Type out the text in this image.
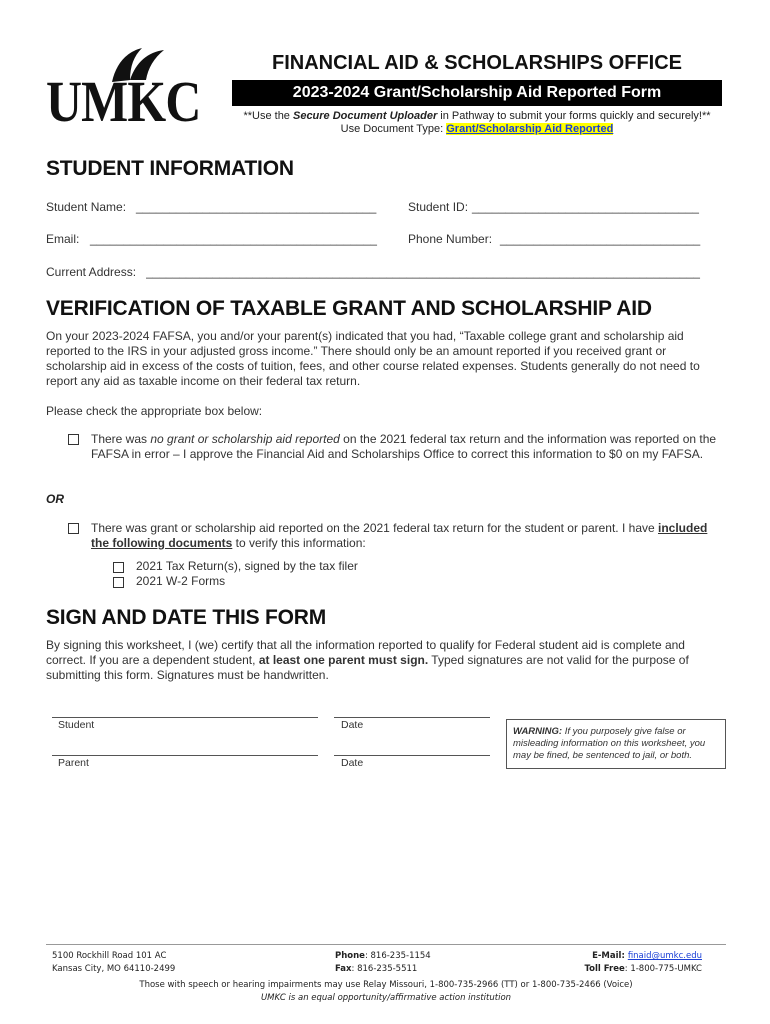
UMKC
FINANCIAL AID & SCHOLARSHIPS OFFICE
2023-2024 Grant/Scholarship Aid Reported Form
**Use the Secure Document Uploader in Pathway to submit your forms quickly and securely!**
Use Document Type: Grant/Scholarship Aid Reported
STUDENT INFORMATION
Student Name: ____________________________________	Student ID: __________________________________
Email: ___________________________________________	Phone Number: ______________________________
Current Address: ___________________________________________________________________________________
VERIFICATION OF TAXABLE GRANT AND SCHOLARSHIP AID
On your 2023-2024 FAFSA, you and/or your parent(s) indicated that you had, “Taxable college grant and scholarship aid reported to the IRS in your adjusted gross income.” There should only be an amount reported if you received grant or scholarship aid in excess of the costs of tuition, fees, and other course related expenses. Students generally do not need to report any aid as taxable income on their federal tax return.
Please check the appropriate box below:
There was no grant or scholarship aid reported on the 2021 federal tax return and the information was reported on the FAFSA in error – I approve the Financial Aid and Scholarships Office to correct this information to $0 on my FAFSA.
OR
There was grant or scholarship aid reported on the 2021 federal tax return for the student or parent. I have included the following documents to verify this information:
2021 Tax Return(s), signed by the tax filer
2021 W-2 Forms
SIGN AND DATE THIS FORM
By signing this worksheet, I (we) certify that all the information reported to qualify for Federal student aid is complete and correct. If you are a dependent student, at least one parent must sign. Typed signatures are not valid for the purpose of submitting this form. Signatures must be handwritten.
Student	Date
Parent	Date
WARNING: If you purposely give false or misleading information on this worksheet, you may be fined, be sentenced to jail, or both.
5100 Rockhill Road 101 AC
Kansas City, MO 64110-2499
Phone: 816-235-1154
Fax: 816-235-5511
E-Mail: finaid@umkc.edu
Toll Free: 1-800-775-UMKC
Those with speech or hearing impairments may use Relay Missouri, 1-800-735-2966 (TT) or 1-800-735-2466 (Voice)
UMKC is an equal opportunity/affirmative action institution
